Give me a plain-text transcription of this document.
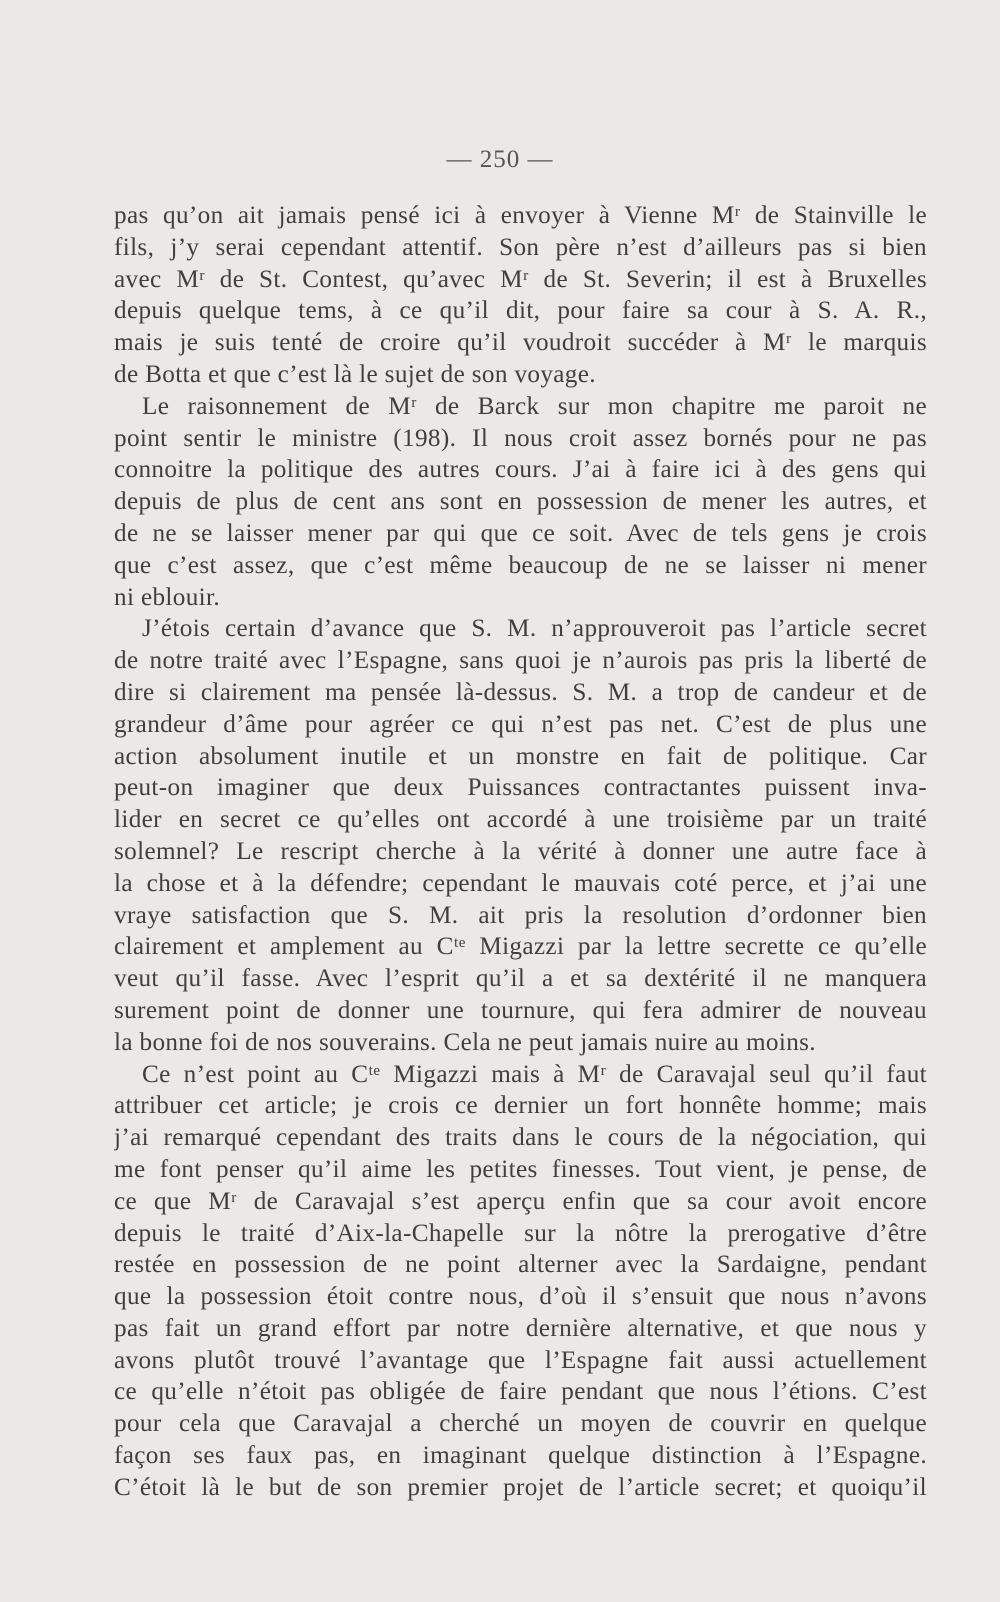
— 250 —

pas qu’on ait jamais pensé ici à envoyer à Vienne Mʳ de Stainville le
fils, j’y serai cependant attentif. Son père n’est d’ailleurs pas si bien
avec Mʳ de St. Contest, qu’avec Mʳ de St. Severin; il est à Bruxelles
depuis quelque tems, à ce qu’il dit, pour faire sa cour à S. A. R.,
mais je suis tenté de croire qu’il voudroit succéder à Mʳ le marquis
de Botta et que c’est là le sujet de son voyage.

Le raisonnement de Mʳ de Barck sur mon chapitre me paroit ne
point sentir le ministre (198). Il nous croit assez bornés pour ne pas
connoitre la politique des autres cours. J’ai à faire ici à des gens qui
depuis de plus de cent ans sont en possession de mener les autres, et
de ne se laisser mener par qui que ce soit. Avec de tels gens je crois
que c’est assez, que c’est même beaucoup de ne se laisser ni mener
ni eblouir.

J’étois certain d’avance que S. M. n’approuveroit pas l’article secret
de notre traité avec l’Espagne, sans quoi je n’aurois pas pris la liberté de
dire si clairement ma pensée là-dessus. S. M. a trop de candeur et de
grandeur d’âme pour agréer ce qui n’est pas net. C’est de plus une
action absolument inutile et un monstre en fait de politique. Car
peut-on imaginer que deux Puissances contractantes puissent inva-
lider en secret ce qu’elles ont accordé à une troisième par un traité
solemnel? Le rescript cherche à la vérité à donner une autre face à
la chose et à la défendre; cependant le mauvais coté perce, et j’ai une
vraye satisfaction que S. M. ait pris la resolution d’ordonner bien
clairement et amplement au Cᵗᵉ Migazzi par la lettre secrette ce qu’elle
veut qu’il fasse. Avec l’esprit qu’il a et sa dextérité il ne manquera
surement point de donner une tournure, qui fera admirer de nouveau
la bonne foi de nos souverains. Cela ne peut jamais nuire au moins.

Ce n’est point au Cᵗᵉ Migazzi mais à Mʳ de Caravajal seul qu’il faut
attribuer cet article; je crois ce dernier un fort honnête homme; mais
j’ai remarqué cependant des traits dans le cours de la négociation, qui
me font penser qu’il aime les petites finesses. Tout vient, je pense, de
ce que Mʳ de Caravajal s’est aperçu enfin que sa cour avoit encore
depuis le traité d’Aix-la-Chapelle sur la nôtre la prerogative d’être
restée en possession de ne point alterner avec la Sardaigne, pendant
que la possession étoit contre nous, d’où il s’ensuit que nous n’avons
pas fait un grand effort par notre dernière alternative, et que nous y
avons plutôt trouvé l’avantage que l’Espagne fait aussi actuellement
ce qu’elle n’étoit pas obligée de faire pendant que nous l’étions. C’est
pour cela que Caravajal a cherché un moyen de couvrir en quelque
façon ses faux pas, en imaginant quelque distinction à l’Espagne.
C’étoit là le but de son premier projet de l’article secret; et quoiqu’il
